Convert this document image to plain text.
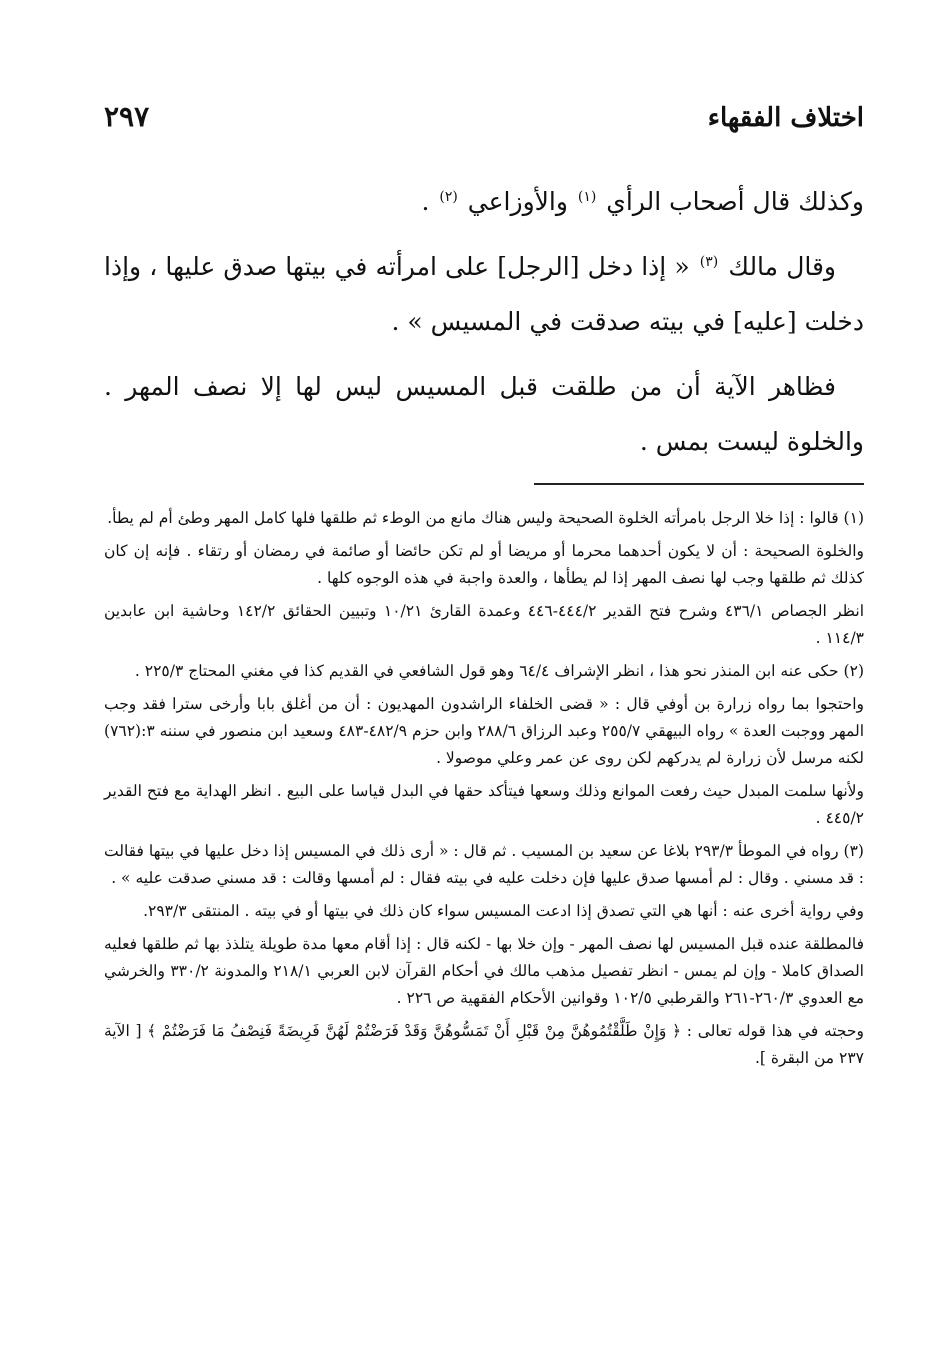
اختلاف الفقهاء
٢٩٧

وكذلك قال أصحاب الرأي $^{(١)}$ والأوزاعي $^{(٢)}$ .

وقال مالك $^{(٣)}$ « إذا دخل [الرجل] على امرأته في بيتها صدق عليها ، وإذا دخلت [عليه] في بيته صدقت في المسيس » .

فظاهر الآية أن من طلقت قبل المسيس ليس لها إلا نصف المهر . والخلوة ليست بمس .

(١) قالوا : إذا خلا الرجل بامرأته الخلوة الصحيحة وليس هناك مانع من الوطء ثم طلقها فلها كامل المهر وطئ أم لم يطأ.

والخلوة الصحيحة : أن لا يكون أحدهما محرما أو مريضا أو لم تكن حائضا أو صائمة في رمضان أو رتقاء . فإنه إن كان كذلك ثم طلقها وجب لها نصف المهر إذا لم يطأها ، والعدة واجبة في هذه الوجوه كلها .

انظر الجصاص ٤٣٦/١ وشرح فتح القدير ٤٤٤/٢-٤٤٦ وعمدة القارئ ١٠/٢١ وتبيين الحقائق ١٤٢/٢ وحاشية ابن عابدين ١١٤/٣ .

(٢) حكى عنه ابن المنذر نحو هذا ، انظر الإشراف ٦٤/٤ وهو قول الشافعي في القديم كذا في مغني المحتاج ٢٢٥/٣ .

واحتجوا بما رواه زرارة بن أوفي قال : « قضى الخلفاء الراشدون المهديون : أن من أغلق بابا وأرخى سترا فقد وجب المهر ووجبت العدة » رواه البيهقي ٢٥٥/٧ وعبد الرزاق ٢٨٨/٦ وابن حزم ٤٨٢/٩-٤٨٣ وسعيد ابن منصور في سننه ٣:(٧٦٢) لكنه مرسل لأن زرارة لم يدركهم لكن روى عن عمر وعلي موصولا .

ولأنها سلمت المبدل حيث رفعت الموانع وذلك وسعها فيتأكد حقها في البدل قياسا على البيع . انظر الهداية مع فتح القدير ٤٤٥/٢ .

(٣) رواه في الموطأ ٢٩٣/٣ بلاغا عن سعيد بن المسيب . ثم قال : « أرى ذلك في المسيس إذا دخل عليها في بيتها فقالت : قد مسني . وقال : لم أمسها صدق عليها فإن دخلت عليه في بيته فقال : لم أمسها وقالت : قد مسني صدقت عليه » .

وفي رواية أخرى عنه : أنها هي التي تصدق إذا ادعت المسيس سواء كان ذلك في بيتها أو في بيته . المنتقى ٢٩٣/٣.

فالمطلقة عنده قبل المسيس لها نصف المهر - وإن خلا بها - لكنه قال : إذا أقام معها مدة طويلة يتلذذ بها ثم طلقها فعليه الصداق كاملا - وإن لم يمس - انظر تفصيل مذهب مالك في أحكام القرآن لابن العربي ٢١٨/١ والمدونة ٣٣٠/٢ والخرشي مع العدوي ٢٦٠/٣-٢٦١ والقرطبي ١٠٢/٥ وقوانين الأحكام الفقهية ص ٢٢٦ .

وحجته في هذا قوله تعالى : ﴿ وَإِنْ طَلَّقْتُمُوهُنَّ مِنْ قَبْلِ أَنْ تَمَسُّوهُنَّ وَقَدْ فَرَضْتُمْ لَهُنَّ فَرِيضَةً فَنِصْفُ مَا فَرَضْتُمْ ﴾ [ الآية ٢٣٧ من البقرة ].
